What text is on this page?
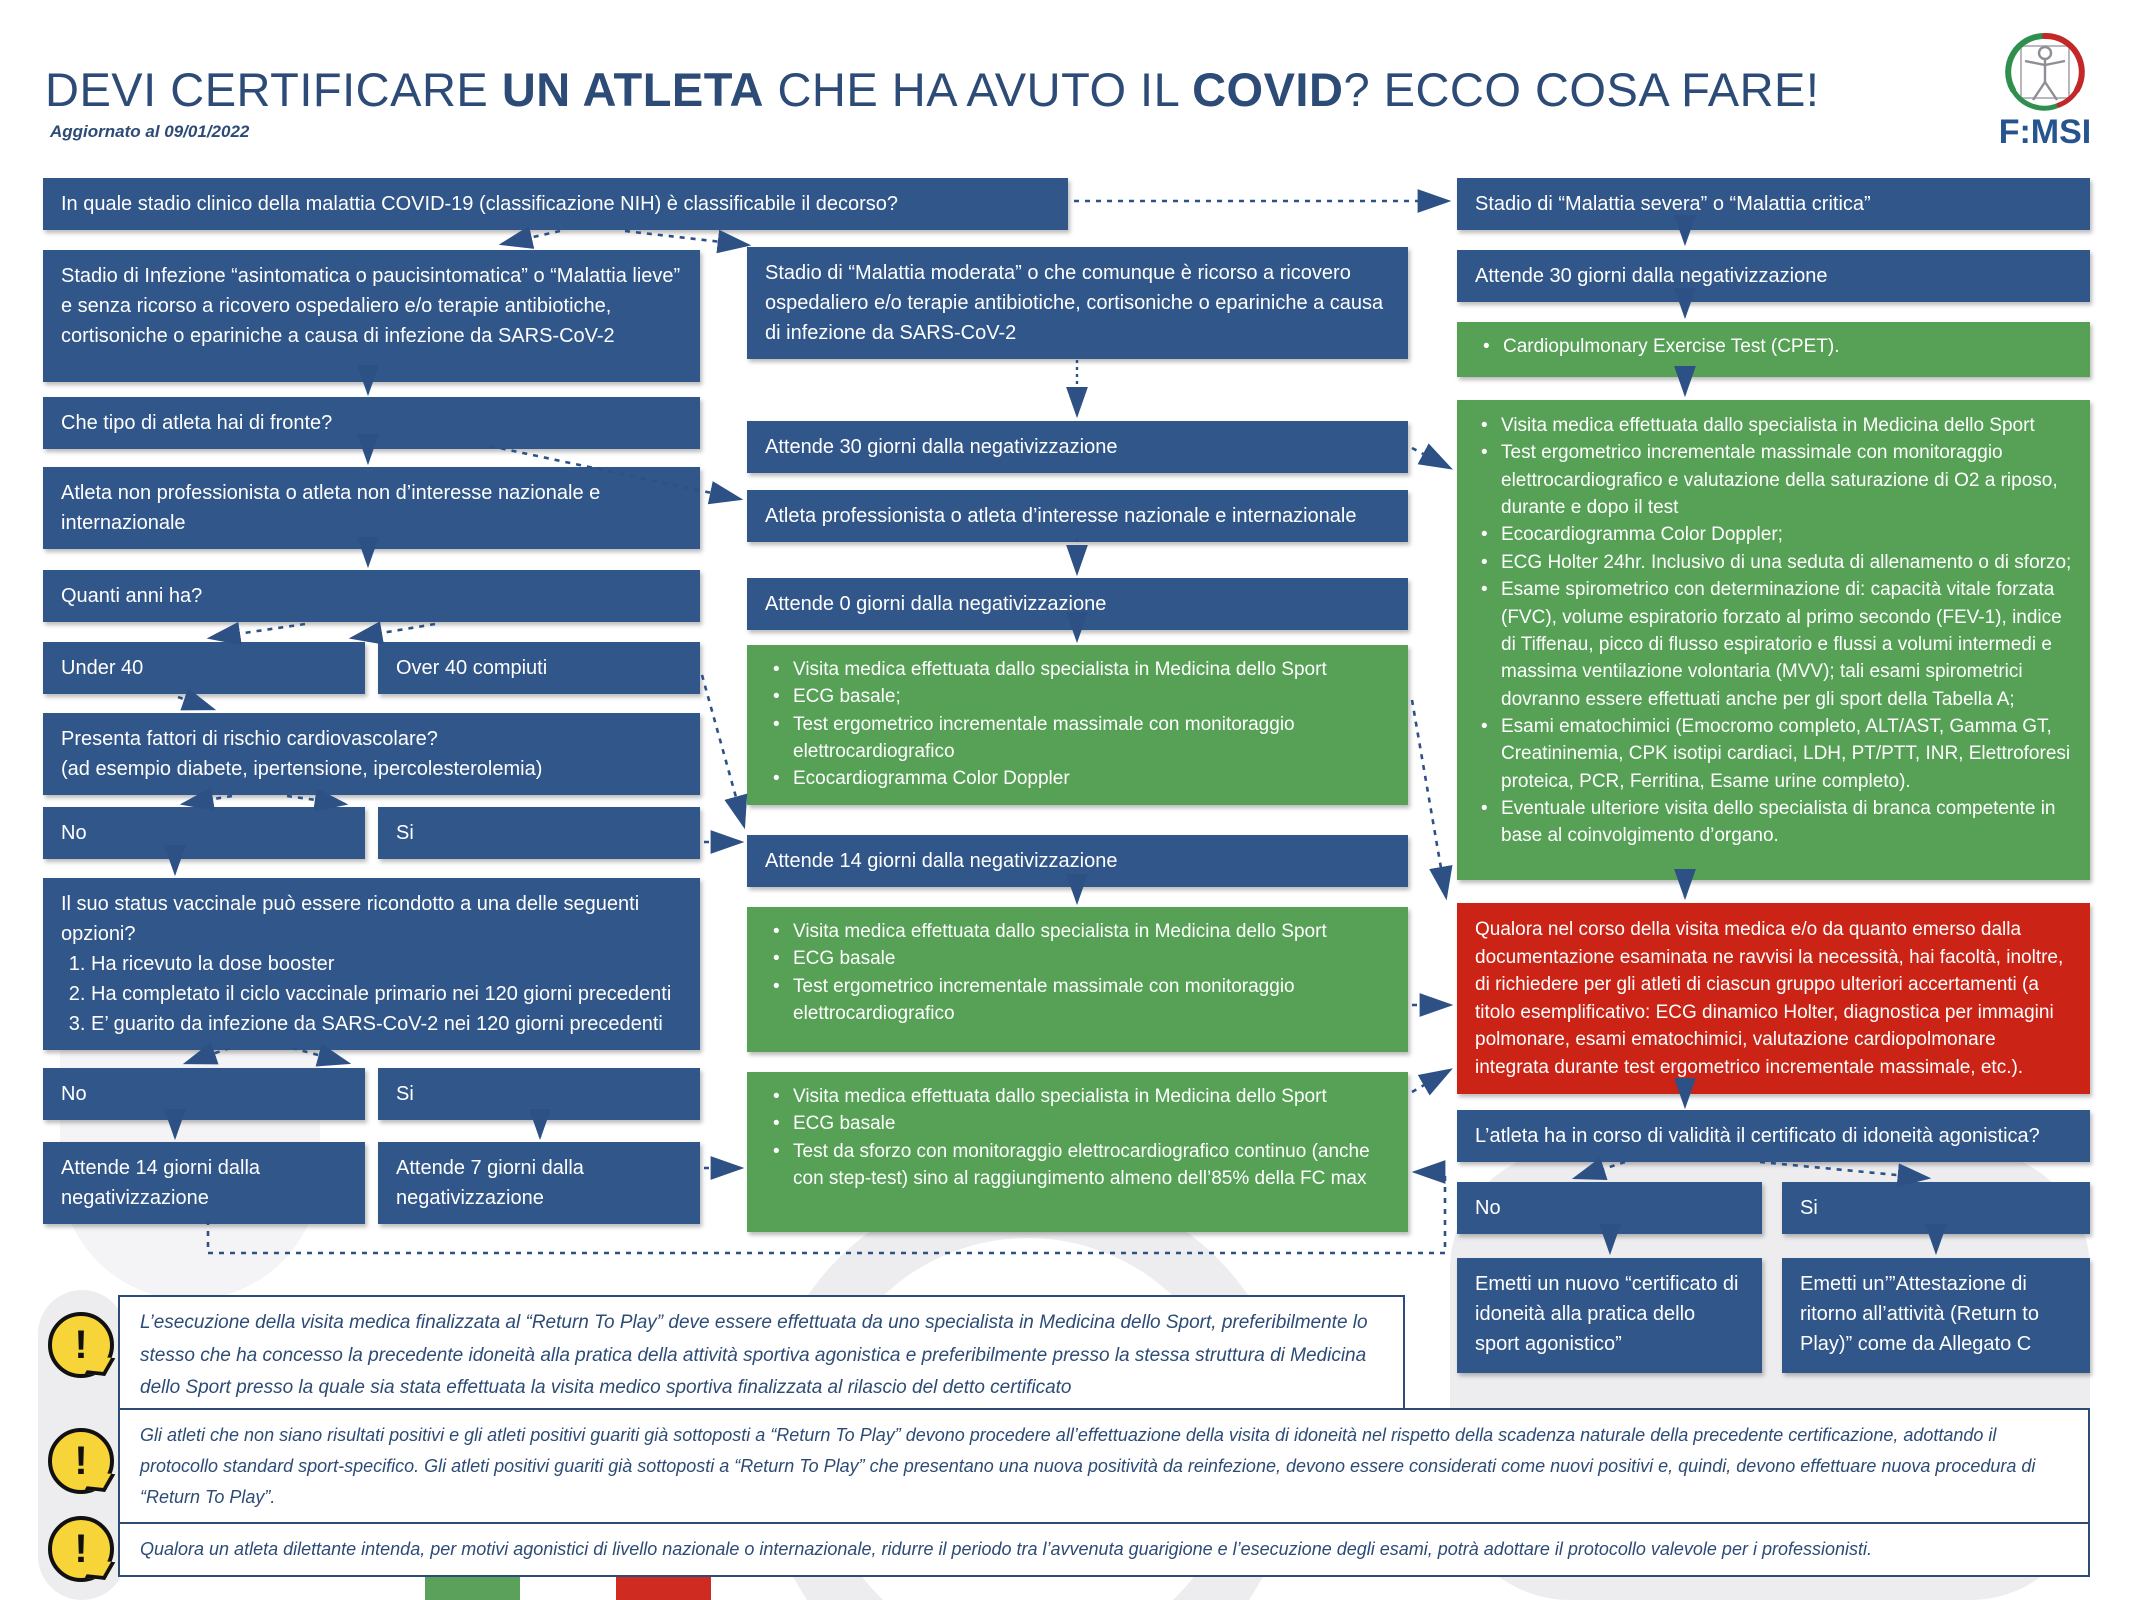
DEVI CERTIFICARE UN ATLETA CHE HA AVUTO IL COVID? ECCO COSA FARE!
Aggiornato al 09/01/2022	F:MSI
In quale stadio clinico della malattia COVID-19 (classificazione NIH) è classificabile il decorso?
Stadio di Infezione “asintomatica o paucisintomatica” o “Malattia lieve” e senza ricorso a ricovero ospedaliero e/o terapie antibiotiche, cortisoniche o epariniche a causa di infezione da SARS-CoV-2
Che tipo di atleta hai di fronte?
Atleta non professionista o atleta non d’interesse nazionale e internazionale
Quanti anni ha?
Under 40	Over 40 compiuti
Presenta fattori di rischio cardiovascolare?
(ad esempio diabete, ipertensione, ipercolesterolemia)
No	Si
Il suo status vaccinale può essere ricondotto a una delle seguenti opzioni?
1. Ha ricevuto la dose booster
2. Ha completato il ciclo vaccinale primario nei 120 giorni precedenti
3. E’ guarito da infezione da SARS-CoV-2 nei 120 giorni precedenti
No	Si
Attende 14 giorni dalla negativizzazione
Attende 7 giorni dalla negativizzazione
Stadio di “Malattia moderata” o che comunque è ricorso a ricovero ospedaliero e/o terapie antibiotiche, cortisoniche o epariniche a causa di infezione da SARS-CoV-2
Attende 30 giorni dalla negativizzazione
Atleta professionista o atleta d’interesse nazionale e internazionale
Attende 0 giorni dalla negativizzazione
• Visita medica effettuata dallo specialista in Medicina dello Sport
• ECG basale;
• Test ergometrico incrementale massimale con monitoraggio elettrocardiografico
• Ecocardiogramma Color Doppler
Attende 14 giorni dalla negativizzazione
• Visita medica effettuata dallo specialista in Medicina dello Sport
• ECG basale
• Test ergometrico incrementale massimale con monitoraggio elettrocardiografico
• Visita medica effettuata dallo specialista in Medicina dello Sport
• ECG basale
• Test da sforzo con monitoraggio elettrocardiografico continuo (anche con step-test) sino al raggiungimento almeno dell’85% della FC max
Stadio di “Malattia severa” o “Malattia critica”
Attende 30 giorni dalla negativizzazione
• Cardiopulmonary Exercise Test (CPET).
• Visita medica effettuata dallo specialista in Medicina dello Sport
• Test ergometrico incrementale massimale con monitoraggio elettrocardiografico e valutazione della saturazione di O2 a riposo, durante e dopo il test
• Ecocardiogramma Color Doppler;
• ECG Holter 24hr. Inclusivo di una seduta di allenamento o di sforzo;
• Esame spirometrico con determinazione di: capacità vitale forzata (FVC), volume espiratorio forzato al primo secondo (FEV-1), indice di Tiffenau, picco di flusso espiratorio e flussi a volumi intermedi e massima ventilazione volontaria (MVV); tali esami spirometrici dovranno essere effettuati anche per gli sport della Tabella A;
• Esami ematochimici (Emocromo completo, ALT/AST, Gamma GT, Creatininemia, CPK isotipi cardiaci, LDH, PT/PTT, INR, Elettroforesi proteica, PCR, Ferritina, Esame urine completo).
• Eventuale ulteriore visita dello specialista di branca competente in base al coinvolgimento d’organo.
Qualora nel corso della visita medica e/o da quanto emerso dalla documentazione esaminata ne ravvisi la necessità, hai facoltà, inoltre, di richiedere per gli atleti di ciascun gruppo ulteriori accertamenti (a titolo esemplificativo: ECG dinamico Holter, diagnostica per immagini polmonare, esami ematochimici, valutazione cardiopolmonare integrata durante test ergometrico incrementale massimale, etc.).
L’atleta ha in corso di validità il certificato di idoneità agonistica?
No	Si
Emetti un nuovo “certificato di idoneità alla pratica dello sport agonistico”
Emetti un’”Attestazione di ritorno all’attività (Return to Play)” come da Allegato C
!	L’esecuzione della visita medica finalizzata al “Return To Play” deve essere effettuata da uno specialista in Medicina dello Sport, preferibilmente lo stesso che ha concesso la precedente idoneità alla pratica della attività sportiva agonistica e preferibilmente presso la stessa struttura di Medicina dello Sport presso la quale sia stata effettuata la visita medico sportiva finalizzata al rilascio del detto certificato
!
Gli atleti che non siano risultati positivi e gli atleti positivi guariti già sottoposti a “Return To Play” devono procedere all’effettuazione della visita di idoneità nel rispetto della scadenza naturale della precedente certificazione, adottando il protocollo standard sport-specifico. Gli atleti positivi guariti già sottoposti a “Return To Play” che presentano una nuova positività da reinfezione, devono essere considerati come nuovi positivi e, quindi, devono effettuare nuova procedura di “Return To Play”.
!	Qualora un atleta dilettante intenda, per motivi agonistici di livello nazionale o internazionale, ridurre il periodo tra l’avvenuta guarigione e l’esecuzione degli esami, potrà adottare il protocollo valevole per i professionisti.
